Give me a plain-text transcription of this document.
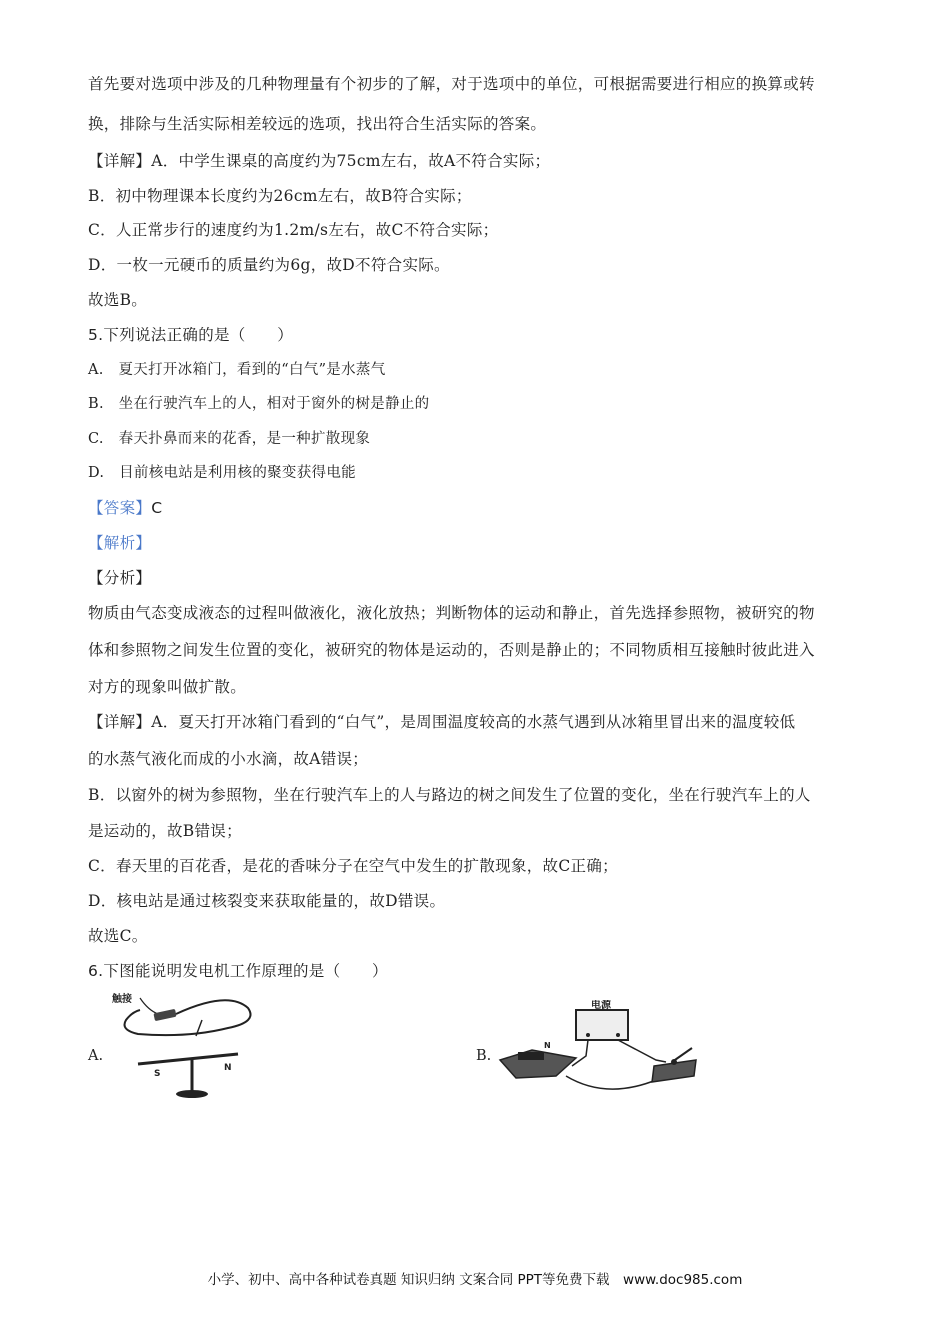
首先要对选项中涉及的几种物理量有个初步的了解，对于选项中的单位，可根据需要进行相应的换算或转
换，排除与生活实际相差较远的选项，找出符合生活实际的答案。
【详解】A．中学生课桌的高度约为75cm左右，故A不符合实际；
B．初中物理课本长度约为26cm左右，故B符合实际；
C．人正常步行的速度约为1.2m/s左右，故C不符合实际；
D．一枚一元硬币的质量约为6g，故D不符合实际。
故选B。
5.下列说法正确的是（　　）
A.　夏天打开冰箱门，看到的“白气”是水蒸气
B.　坐在行驶汽车上的人，相对于窗外的树是静止的
C.　春天扑鼻而来的花香，是一种扩散现象
D.　目前核电站是利用核的聚变获得电能
【答案】C
【解析】
【分析】
物质由气态变成液态的过程叫做液化，液化放热；判断物体的运动和静止，首先选择参照物，被研究的物
体和参照物之间发生位置的变化，被研究的物体是运动的，否则是静止的；不同物质相互接触时彼此进入
对方的现象叫做扩散。
【详解】A．夏天打开冰箱门看到的“白气”，是周围温度较高的水蒸气遇到从冰箱里冒出来的温度较低
的水蒸气液化而成的小水滴，故A错误；
B．以窗外的树为参照物，坐在行驶汽车上的人与路边的树之间发生了位置的变化，坐在行驶汽车上的人
是运动的，故B错误；
C．春天里的百花香，是花的香味分子在空气中发生的扩散现象，故C正确；
D．核电站是通过核裂变来获取能量的，故D错误。
故选C。
6.下图能说明发电机工作原理的是（　　）
A.
触接
S
N
B.
电源
N
小学、初中、高中各种试卷真题 知识归纳 文案合同 PPT等免费下载　www.doc985.com
